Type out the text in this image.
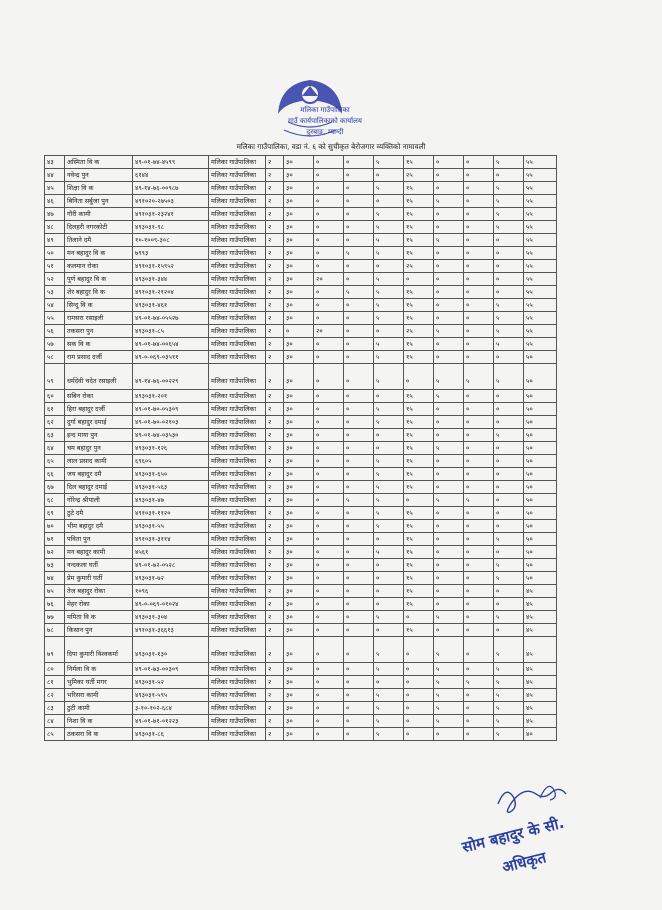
मलिका गाउँपालिका
गाउँ कार्यपालिकाको कार्यालय
दुरबाङ, म्याग्दी
मलिका गाउँपालिका, वडा नं. ६ को सुचीकृत बेरोजगार व्यक्तिको नामावली
४३	अस्मिता वि क	४९-०१-७४-४५९९	मलिका गाउँपालिका	२	३०	०	०	५	१५	०	०	५	५५
४४	नवेन्द्र पुन	६१४४	मलिका गाउँपालिका	२	३०	०	०	०	२५	०	०	०	५५
४५	शिक्षा वि क	४९-१४-७६-००९८७	मलिका गाउँपालिका	२	३०	०	०	५	१५	०	०	५	५५
४६	बिनिता सर्बुजा पुन	४९१०२०-२७५०३	मलिका गाउँपालिका	२	३०	०	०	०	१५	५	०	५	५५
४७	गौरी कामी	४९१०३१-२३२४१	मलिका गाउँपालिका	२	३०	०	०	५	१५	०	०	५	५५
४८	दिलहरी नगरकोटी	४९३०३१-९८	मलिका गाउँपालिका	२	३०	०	०	५	१५	०	०	५	५५
४९	तिलाने दमै	१०-१००९-३०८	मलिका गाउँपालिका	२	३०	०	०	५	१५	५	०	०	५५
५०	मन बहादुर वि क	७९९३	मलिका गाउँपालिका	२	३०	०	५	५	१५	०	०	०	५५
५१	कलमान रोका	४९१०३१-१५९५२	मलिका गाउँपालिका	२	३०	०	०	०	२५	०	०	०	५५
५२	पुर्ण बहादुर वि क	४९३०३१-३४४	मलिका गाउँपालिका	२	३०	२०	०	५	०	०	०	०	५५
५३	शेर बहादुर वि क	४९१०३१-२१२०४	मलिका गाउँपालिका	२	३०	०	५	५	१५	०	०	०	५५
५४	सिन्दु वि क	४९३०३१-४६१	मलिका गाउँपालिका	२	३०	०	०	५	१५	०	०	५	५५
५५	रामसरा रसाइली	४९-०१-७४-०५५२७	मलिका गाउँपालिका	२	३०	०	०	५	१५	०	०	५	५५
५६	तकसरा पुन	४९३०३१-८५	मलिका गाउँपालिका	२	०	२०	०	०	२५	५	०	५	५५
५७	सक वि क	४९-०१-७४-००६५४	मलिका गाउँपालिका	२	३०	०	०	५	१५	०	०	५	५५
५८	राम प्रसाद दर्जी	४९-०-०६९-०३५११	मलिका गाउँपालिका	२	३०	०	०	५	१५	०	०	०	५०
५९	धर्मदेवी चदेत रसाइली	४९-१४-७६-००२२९	मलिका गाउँपालिका	२	३०	०	०	५	०	५	५	५	५०
६०	सबिन रोका	४९३०३१-२०१	मलिका गाउँपालिका	२	३०	०	०	०	१५	५	०	०	५०
६१	हिरा बहादुर दर्जी	४९-०१-७०-०५३०९	मलिका गाउँपालिका	२	३०	०	०	५	१५	०	०	०	५०
६२	दुर्गा बहादुर दमाई	४९-०१-७०-०२१०३	मलिका गाउँपालिका	२	३०	०	०	५	१५	०	०	०	५०
६३	इन्द माया पुन	४९-०१-७४-०३५३०	मलिका गाउँपालिका	२	३०	०	०	०	१५	०	०	५	५०
६४	चम बहादुर पुन	४९३०३१-१२६	मलिका गाउँपालिका	२	३०	०	०	०	१५	५	०	०	५०
६५	लाल प्रसाद कामी	६९६०५	मलिका गाउँपालिका	२	३०	०	०	५	१५	०	०	०	५०
६६	जय बहादुर दमै	४९३०३१-६५०	मलिका गाउँपालिका	२	३०	०	०	५	१५	०	०	०	५०
६७	दिल बहादुर दमाई	४९३०३१-५६३	मलिका गाउँपालिका	२	३०	०	०	५	१५	०	०	०	५०
६८	गोरेन्द्र श्रीपाली	४९३०३१-४७	मलिका गाउँपालिका	२	३०	०	५	५	०	५	५	०	५०
६९	ठुटे दमै	४९१०३१-११२०	मलिका गाउँपालिका	२	३०	०	०	५	१५	०	०	०	५०
७०	भीम बहादुर दमै	४९३०३१-५५	मलिका गाउँपालिका	२	३०	०	०	५	१५	०	०	०	५०
७१	पविता पुन	४९१०३१-३११४	मलिका गाउँपालिका	२	३०	०	०	०	१५	०	०	५	५०
७२	मन बहादुर कामी	४५६१	मलिका गाउँपालिका	२	३०	०	०	५	१५	०	०	०	५०
७३	नन्दकला घर्ती	४९-०१-७२-०५२८	मलिका गाउँपालिका	२	३०	०	०	०	१५	०	०	५	५०
७४	प्रेम कुमारी घर्ती	४९३०३१-७२	मलिका गाउँपालिका	२	३०	०	०	०	१५	०	०	५	५०
७५	तेज बहादुर रोका	१०९६	मलिका गाउँपालिका	२	३०	०	०	०	१५	०	०	०	४५
७६	मेहर रोका	४९-०-०६९-०१०२४	मलिका गाउँपालिका	२	३०	०	०	०	१५	०	०	०	४५
७७	ममिता वि क	४९३०३१-३०४	मलिका गाउँपालिका	२	३०	०	०	५	०	५	०	५	४५
७८	किसान पुन	४९१०३१-३६६१३	मलिका गाउँपालिका	२	३०	०	०	०	१५	०	०	०	४५
७९	दिपा कुमारी विश्वकर्मा	४९३०३१-१३०	मलिका गाउँपालिका	२	३०	०	०	५	०	५	०	५	४५
८०	निर्मला वि क	४९-०१-७३-००३०९	मलिका गाउँपालिका	२	३०	०	०	५	०	५	०	५	४५
८१	भुमिका घर्ती मगर	४९३०३१-५२	मलिका गाउँपालिका	२	३०	०	०	०	०	५	५	५	४५
८२	भरिसरा कामी	४९३०३१-५९५	मलिका गाउँपालिका	२	३०	०	०	५	०	५	०	५	४५
८३	ठुटी कामी	३-१०-१०२-६८४	मलिका गाउँपालिका	२	३०	०	०	५	०	५	०	५	४५
८४	निशा वि क	४९-०१-७१-०१२२३	मलिका गाउँपालिका	२	३०	०	०	५	०	५	०	५	४५
८५	ठकसरा वि क	४९३०३१-८६	मलिका गाउँपालिका	२	३०	०	०	५	०	०	०	५	४०
सोम बहादुर के सी.
अधिकृत
